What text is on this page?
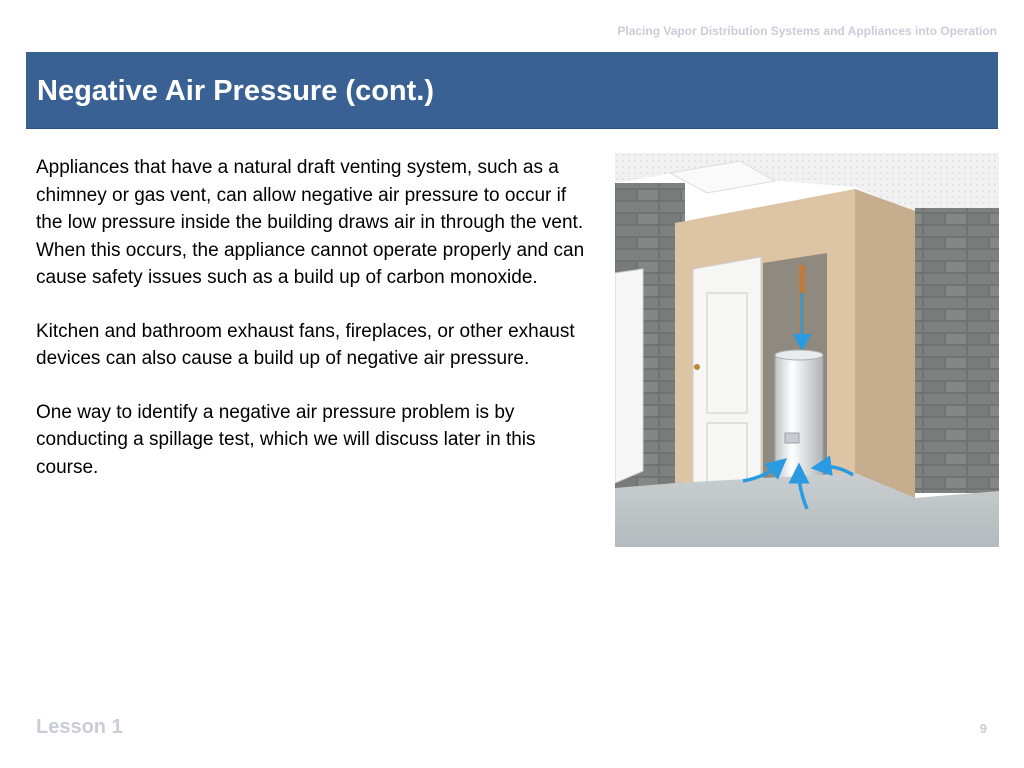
Placing Vapor Distribution Systems and Appliances into Operation
Negative Air Pressure (cont.)

Appliances that have a natural draft venting system, such as a chimney or gas vent, can allow negative air pressure to occur if the low pressure inside the building draws air in through the vent. When this occurs, the appliance cannot operate properly and can cause safety issues such as a build up of carbon monoxide.

Kitchen and bathroom exhaust fans, fireplaces, or other exhaust devices can also cause a build up of negative air pressure.

One way to identify a negative air pressure problem is by conducting a spillage test, which we will discuss later in this course.

Lesson 1	9
